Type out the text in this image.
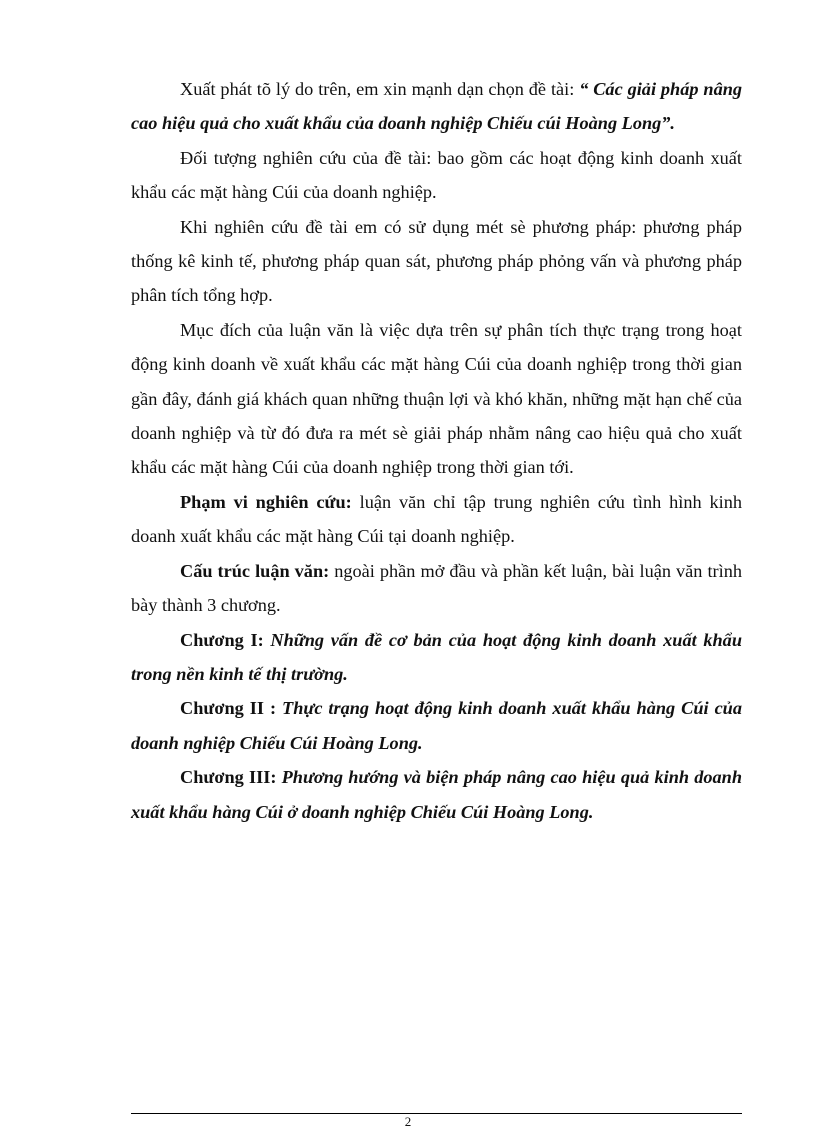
Xuất phát tõ lý do trên, em xin mạnh dạn chọn đề tài: “ Các giải pháp nâng cao hiệu quả cho xuất khẩu của doanh nghiệp Chiếu cúi Hoàng Long”.

Đối tượng nghiên cứu của đề tài: bao gồm các hoạt động kinh doanh xuất khẩu các mặt hàng Cúi của doanh nghiệp.

Khi nghiên cứu đề tài em có sử dụng mét sè phương pháp: phương pháp thống kê kinh tế, phương pháp quan sát, phương pháp phỏng vấn và phương pháp phân tích tổng hợp.

Mục đích của luận văn là việc dựa trên sự phân tích thực trạng trong hoạt động kinh doanh về xuất khẩu các mặt hàng Cúi của doanh nghiệp trong thời gian gần đây, đánh giá khách quan những thuận lợi và khó khăn, những mặt hạn chế của doanh nghiệp và từ đó đưa ra mét sè giải pháp nhằm nâng cao hiệu quả cho xuất khẩu các mặt hàng Cúi của doanh nghiệp trong thời gian tới.

Phạm vi nghiên cứu: luận văn chỉ tập trung nghiên cứu tình hình kinh doanh xuất khẩu các mặt hàng Cúi tại doanh nghiệp.

Cấu trúc luận văn: ngoài phần mở đầu và phần kết luận, bài luận văn trình bày thành 3 chương.

Chương I: Những vấn đề cơ bản của hoạt động kinh doanh xuất khẩu trong nền kinh tế thị trường.

Chương II : Thực trạng hoạt động kinh doanh xuất khẩu hàng Cúi của doanh nghiệp Chiếu Cúi Hoàng Long.

Chương III: Phương hướng và biện pháp nâng cao hiệu quả kinh doanh xuất khẩu hàng Cúi ở doanh nghiệp Chiếu Cúi Hoàng Long.

2
